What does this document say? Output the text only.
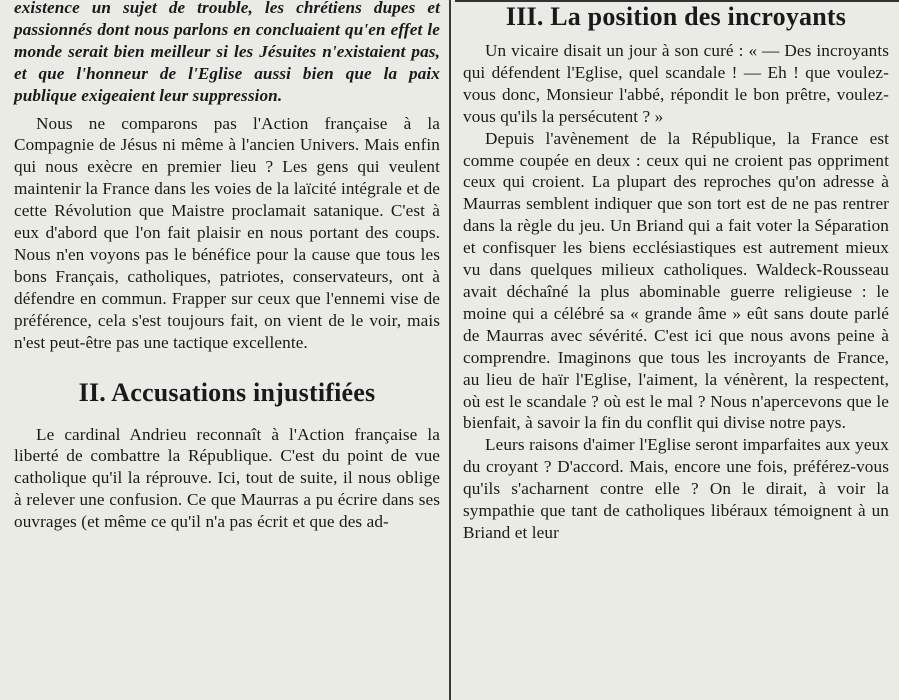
existence un sujet de trouble, les chrétiens dupes et passionnés dont nous parlons en concluaient qu'en effet le monde serait bien meilleur si les Jésuites n'existaient pas, et que l'honneur de l'Eglise aussi bien que la paix publique exigeaient leur suppression.

Nous ne comparons pas l'Action française à la Compagnie de Jésus ni même à l'ancien Univers. Mais enfin qui nous exècre en premier lieu ? Les gens qui veulent maintenir la France dans les voies de la laïcité intégrale et de cette Révolution que Maistre proclamait satanique. C'est à eux d'abord que l'on fait plaisir en nous portant des coups. Nous n'en voyons pas le bénéfice pour la cause que tous les bons Français, catholiques, patriotes, conservateurs, ont à défendre en commun. Frapper sur ceux que l'ennemi vise de préférence, cela s'est toujours fait, on vient de le voir, mais n'est peut-être pas une tactique excellente.

II. Accusations injustifiées

Le cardinal Andrieu reconnaît à l'Action française la liberté de combattre la République. C'est du point de vue catholique qu'il la réprouve. Ici, tout de suite, il nous oblige à relever une confusion. Ce que Maurras a pu écrire dans ses ouvrages (et même ce qu'il n'a pas écrit et que des ad-

III. La position des incroyants

Un vicaire disait un jour à son curé : « — Des incroyants qui défendent l'Eglise, quel scandale ! — Eh ! que voulez-vous donc, Monsieur l'abbé, répondit le bon prêtre, voulez-vous qu'ils la persécutent ? »

Depuis l'avènement de la République, la France est comme coupée en deux : ceux qui ne croient pas oppriment ceux qui croient. La plupart des reproches qu'on adresse à Maurras semblent indiquer que son tort est de ne pas rentrer dans la règle du jeu. Un Briand qui a fait voter la Séparation et confisquer les biens ecclésiastiques est autrement mieux vu dans quelques milieux catholiques. Waldeck-Rousseau avait déchaîné la plus abominable guerre religieuse : le moine qui a célébré sa « grande âme » eût sans doute parlé de Maurras avec sévérité. C'est ici que nous avons peine à comprendre. Imaginons que tous les incroyants de France, au lieu de haïr l'Eglise, l'aiment, la vénèrent, la respectent, où est le scandale ? où est le mal ? Nous n'apercevons que le bienfait, à savoir la fin du conflit qui divise notre pays.

Leurs raisons d'aimer l'Eglise seront imparfaites aux yeux du croyant ? D'accord. Mais, encore une fois, préférez-vous qu'ils s'acharnent contre elle ? On le dirait, à voir la sympathie que tant de catholiques libéraux témoignent à un Briand et leur
